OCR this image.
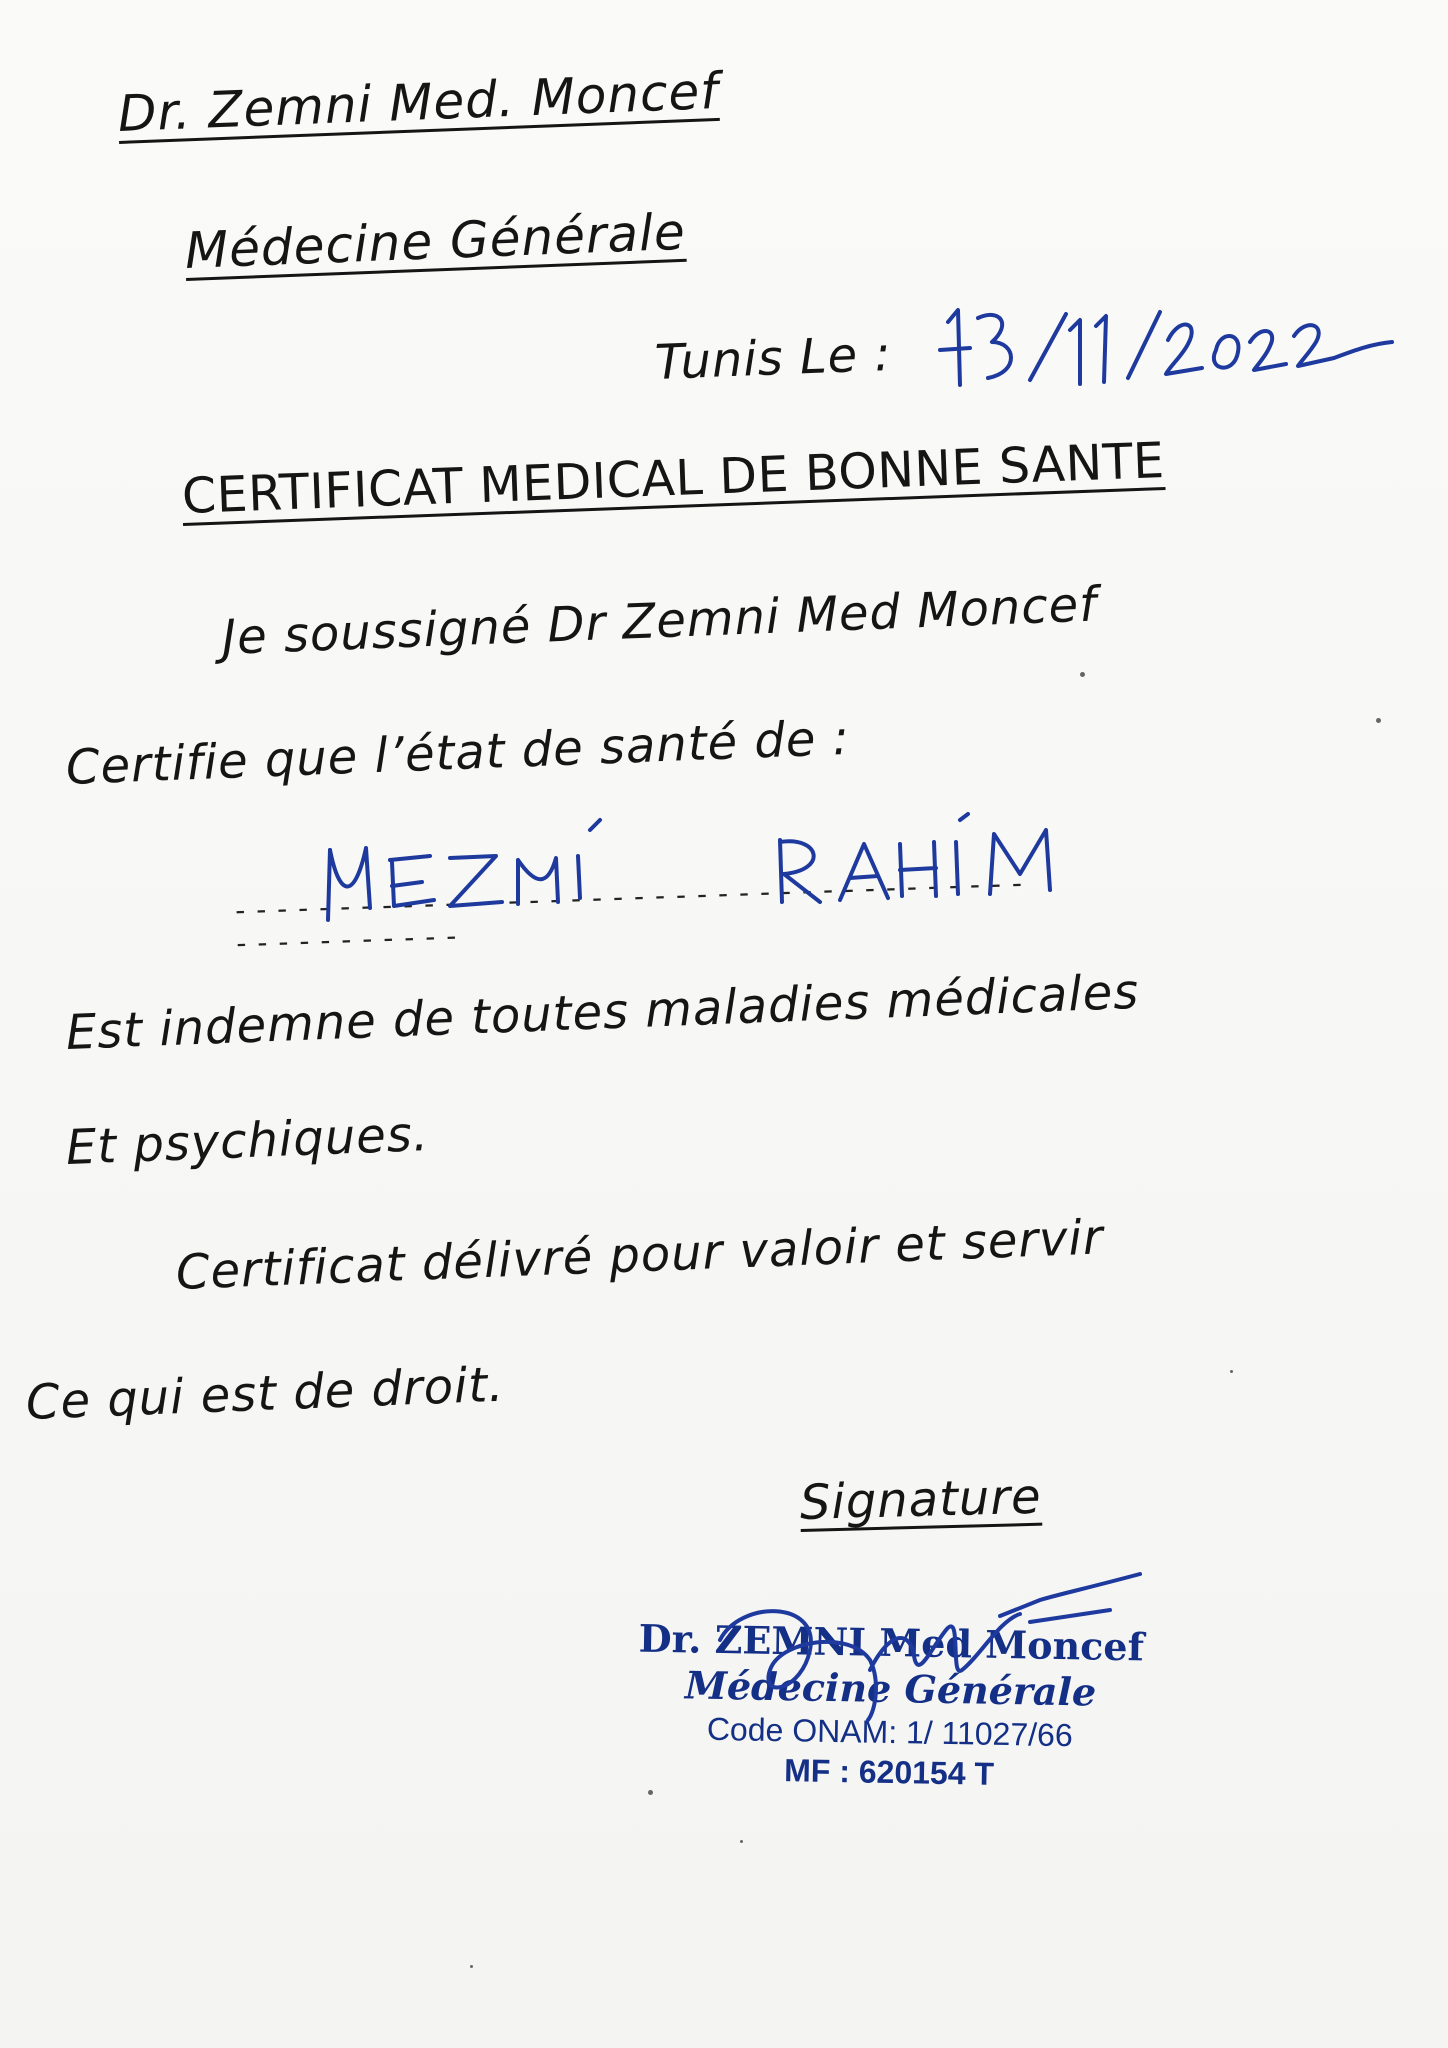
Dr. Zemni Med. Moncef
Médecine Générale
Tunis Le :
CERTIFICAT MEDICAL DE BONNE SANTE
Je soussigné Dr Zemni Med Moncef
Certifie que l’état de santé de :
- - - - - - - - - - - - - - - - - - - - - - - - - - - - - - - - - - - - - - - - - - - - - - - - -
Est indemne de toutes maladies médicales
Et psychiques.
Certificat délivré pour valoir et servir
Ce qui est de droit.
Signature
Dr. ZEMNI Med Moncef
Médecine Générale
Code ONAM: 1/ 11027/66
MF : 620154 T
